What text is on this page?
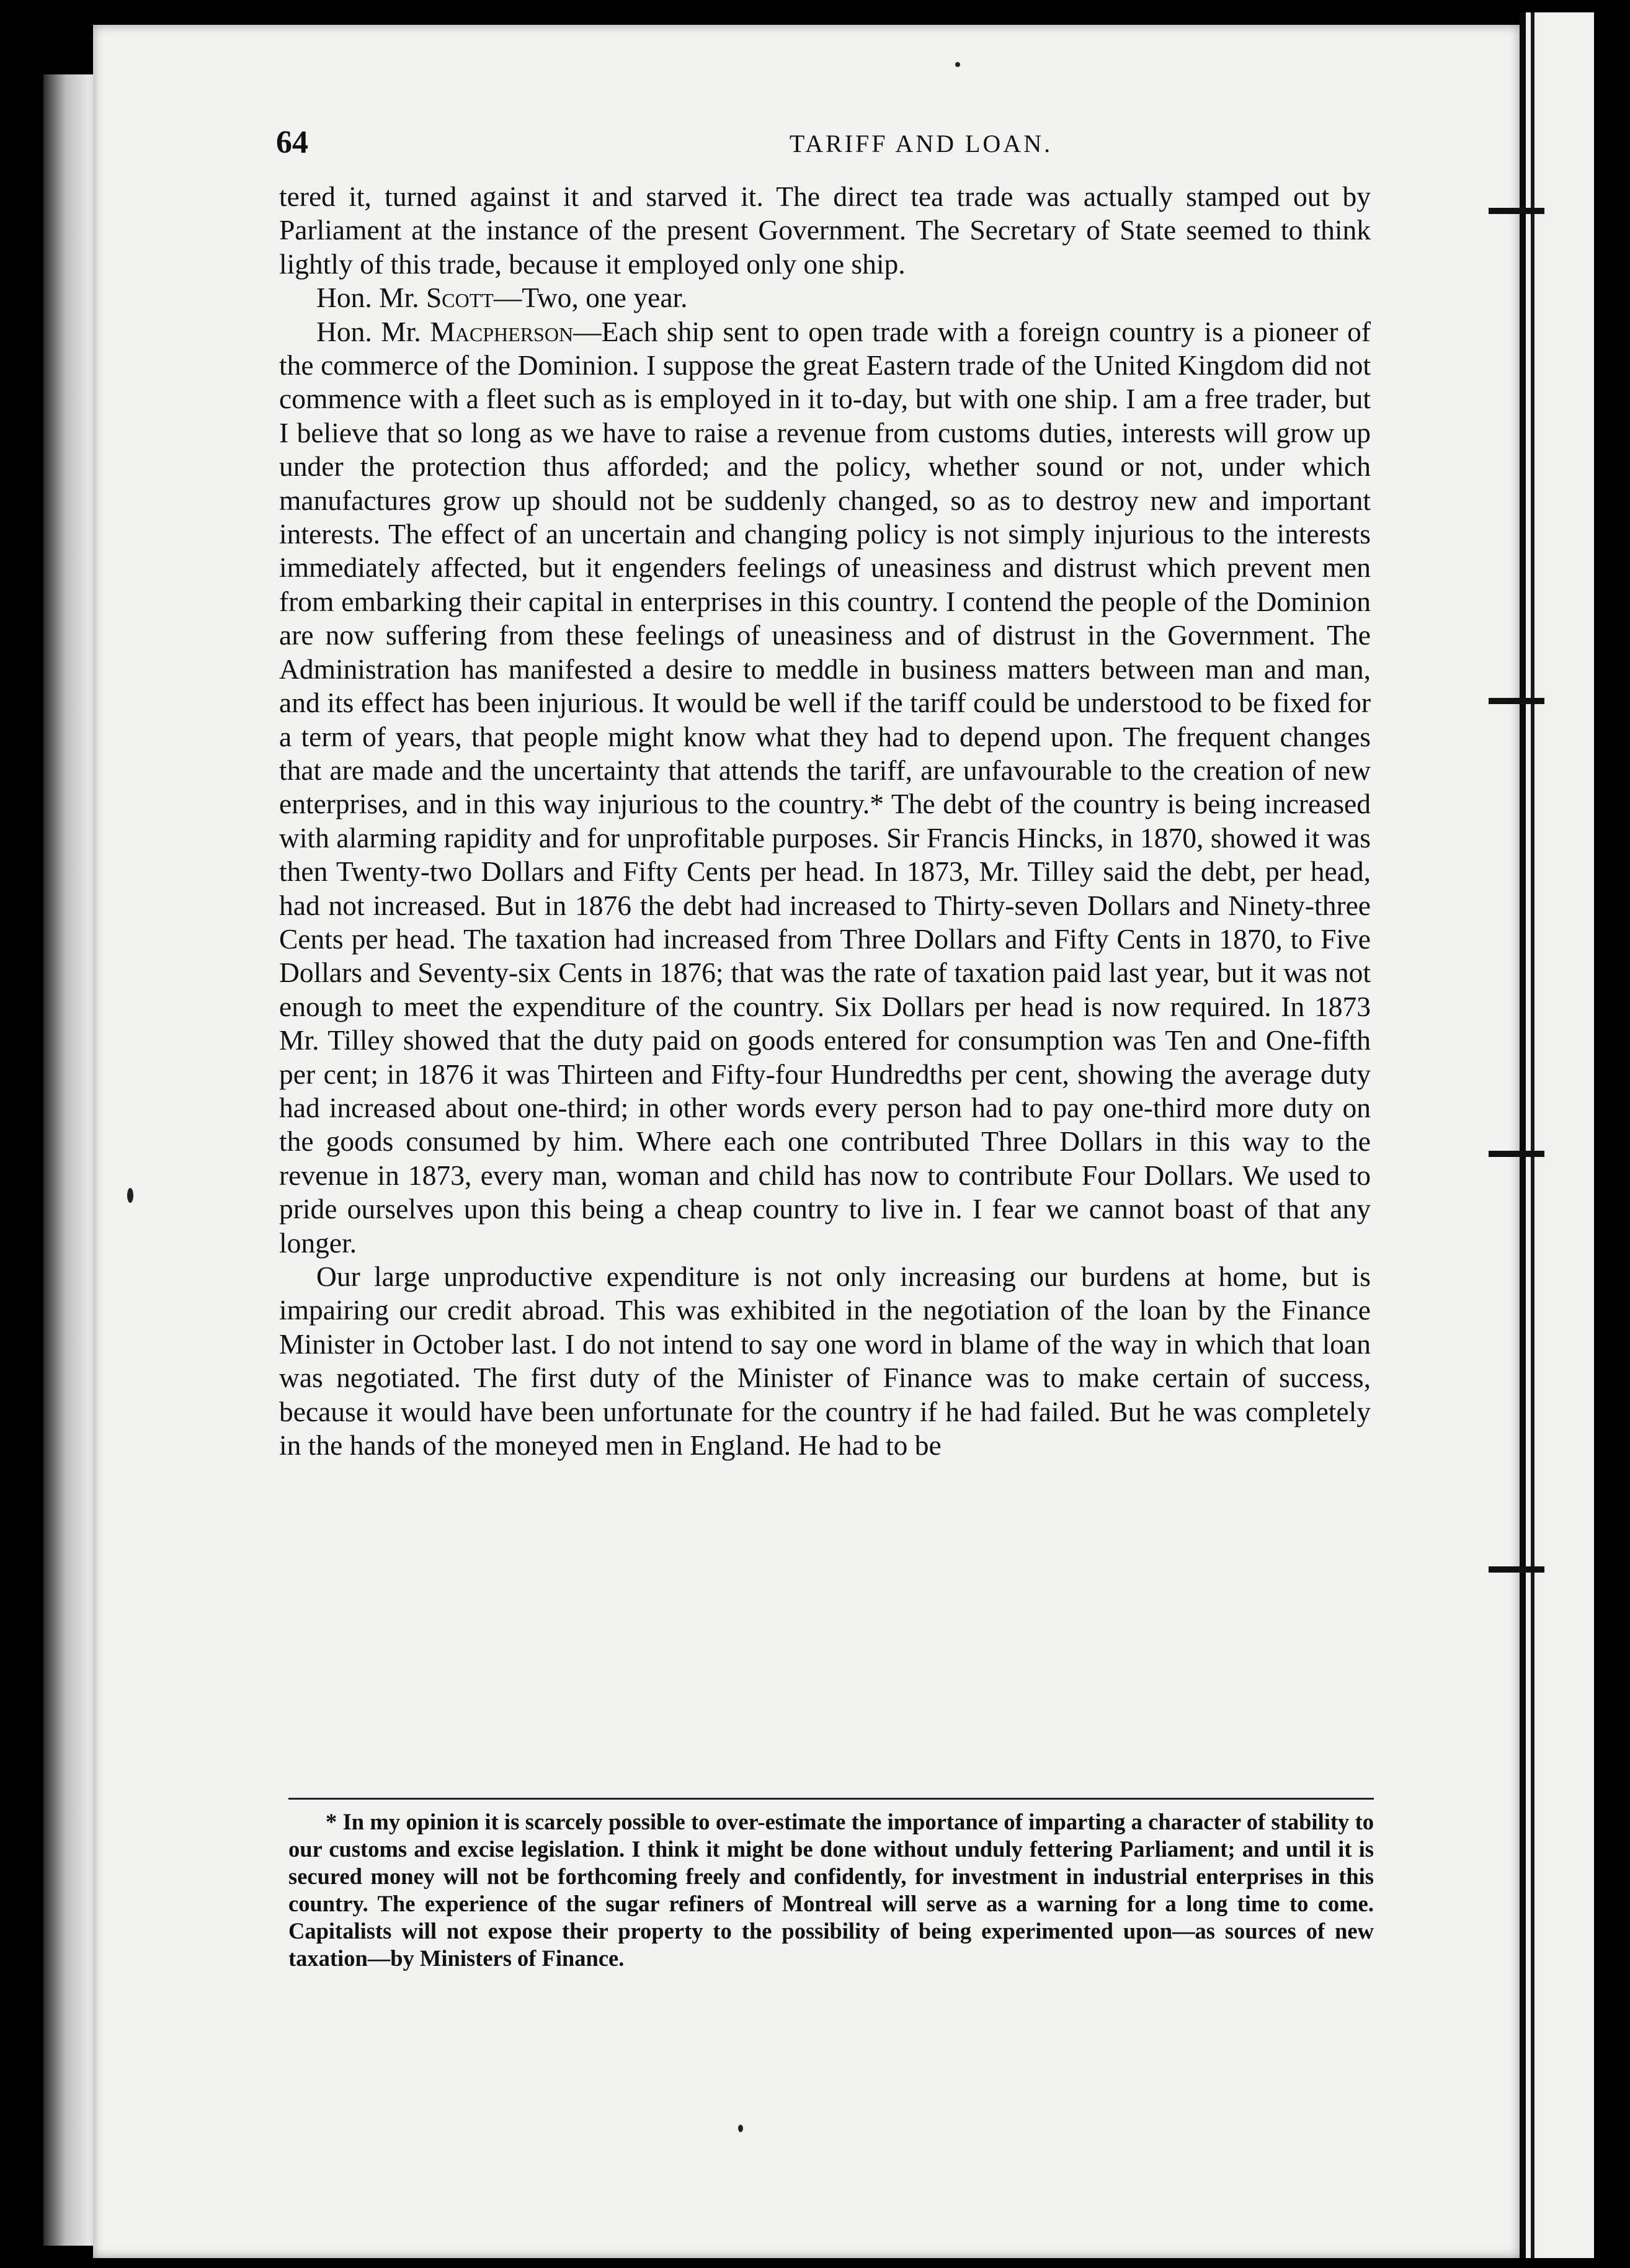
64	TARIFF AND LOAN.

tered it, turned against it and starved it. The direct tea trade was actually stamped out by Parliament at the instance of the present Government. The Secretary of State seemed to think lightly of this trade, because it employed only one ship.

Hon. Mr. Scott—Two, one year.

Hon. Mr. Macpherson—Each ship sent to open trade with a foreign country is a pioneer of the commerce of the Dominion. I suppose the great Eastern trade of the United Kingdom did not commence with a fleet such as is employed in it to-day, but with one ship. I am a free trader, but I believe that so long as we have to raise a revenue from customs duties, interests will grow up under the protection thus afforded; and the policy, whether sound or not, under which manufactures grow up should not be suddenly changed, so as to destroy new and important interests. The effect of an uncertain and changing policy is not simply injurious to the interests immediately affected, but it engenders feelings of uneasiness and distrust which prevent men from embarking their capital in enterprises in this country. I contend the people of the Dominion are now suffering from these feelings of uneasiness and of distrust in the Government. The Administration has manifested a desire to meddle in business matters between man and man, and its effect has been injurious. It would be well if the tariff could be understood to be fixed for a term of years, that people might know what they had to depend upon. The frequent changes that are made and the uncertainty that attends the tariff, are unfavourable to the creation of new enterprises, and in this way injurious to the country.* The debt of the country is being increased with alarming rapidity and for unprofitable purposes. Sir Francis Hincks, in 1870, showed it was then Twenty-two Dollars and Fifty Cents per head. In 1873, Mr. Tilley said the debt, per head, had not increased. But in 1876 the debt had increased to Thirty-seven Dollars and Ninety-three Cents per head. The taxation had increased from Three Dollars and Fifty Cents in 1870, to Five Dollars and Seventy-six Cents in 1876; that was the rate of taxation paid last year, but it was not enough to meet the expenditure of the country. Six Dollars per head is now required. In 1873 Mr. Tilley showed that the duty paid on goods entered for consumption was Ten and One-fifth per cent; in 1876 it was Thirteen and Fifty-four Hundredths per cent, showing the average duty had increased about one-third; in other words every person had to pay one-third more duty on the goods consumed by him. Where each one contributed Three Dollars in this way to the revenue in 1873, every man, woman and child has now to contribute Four Dollars. We used to pride ourselves upon this being a cheap country to live in. I fear we cannot boast of that any longer.

Our large unproductive expenditure is not only increasing our burdens at home, but is impairing our credit abroad. This was exhibited in the negotiation of the loan by the Finance Minister in October last. I do not intend to say one word in blame of the way in which that loan was negotiated. The first duty of the Minister of Finance was to make certain of success, because it would have been unfortunate for the country if he had failed. But he was completely in the hands of the moneyed men in England. He had to be

* In my opinion it is scarcely possible to over-estimate the importance of imparting a character of stability to our customs and excise legislation. I think it might be done without unduly fettering Parliament; and until it is secured money will not be forthcoming freely and confidently, for investment in industrial enterprises in this country. The experience of the sugar refiners of Montreal will serve as a warning for a long time to come. Capitalists will not expose their property to the possibility of being experimented upon—as sources of new taxation—by Ministers of Finance.
